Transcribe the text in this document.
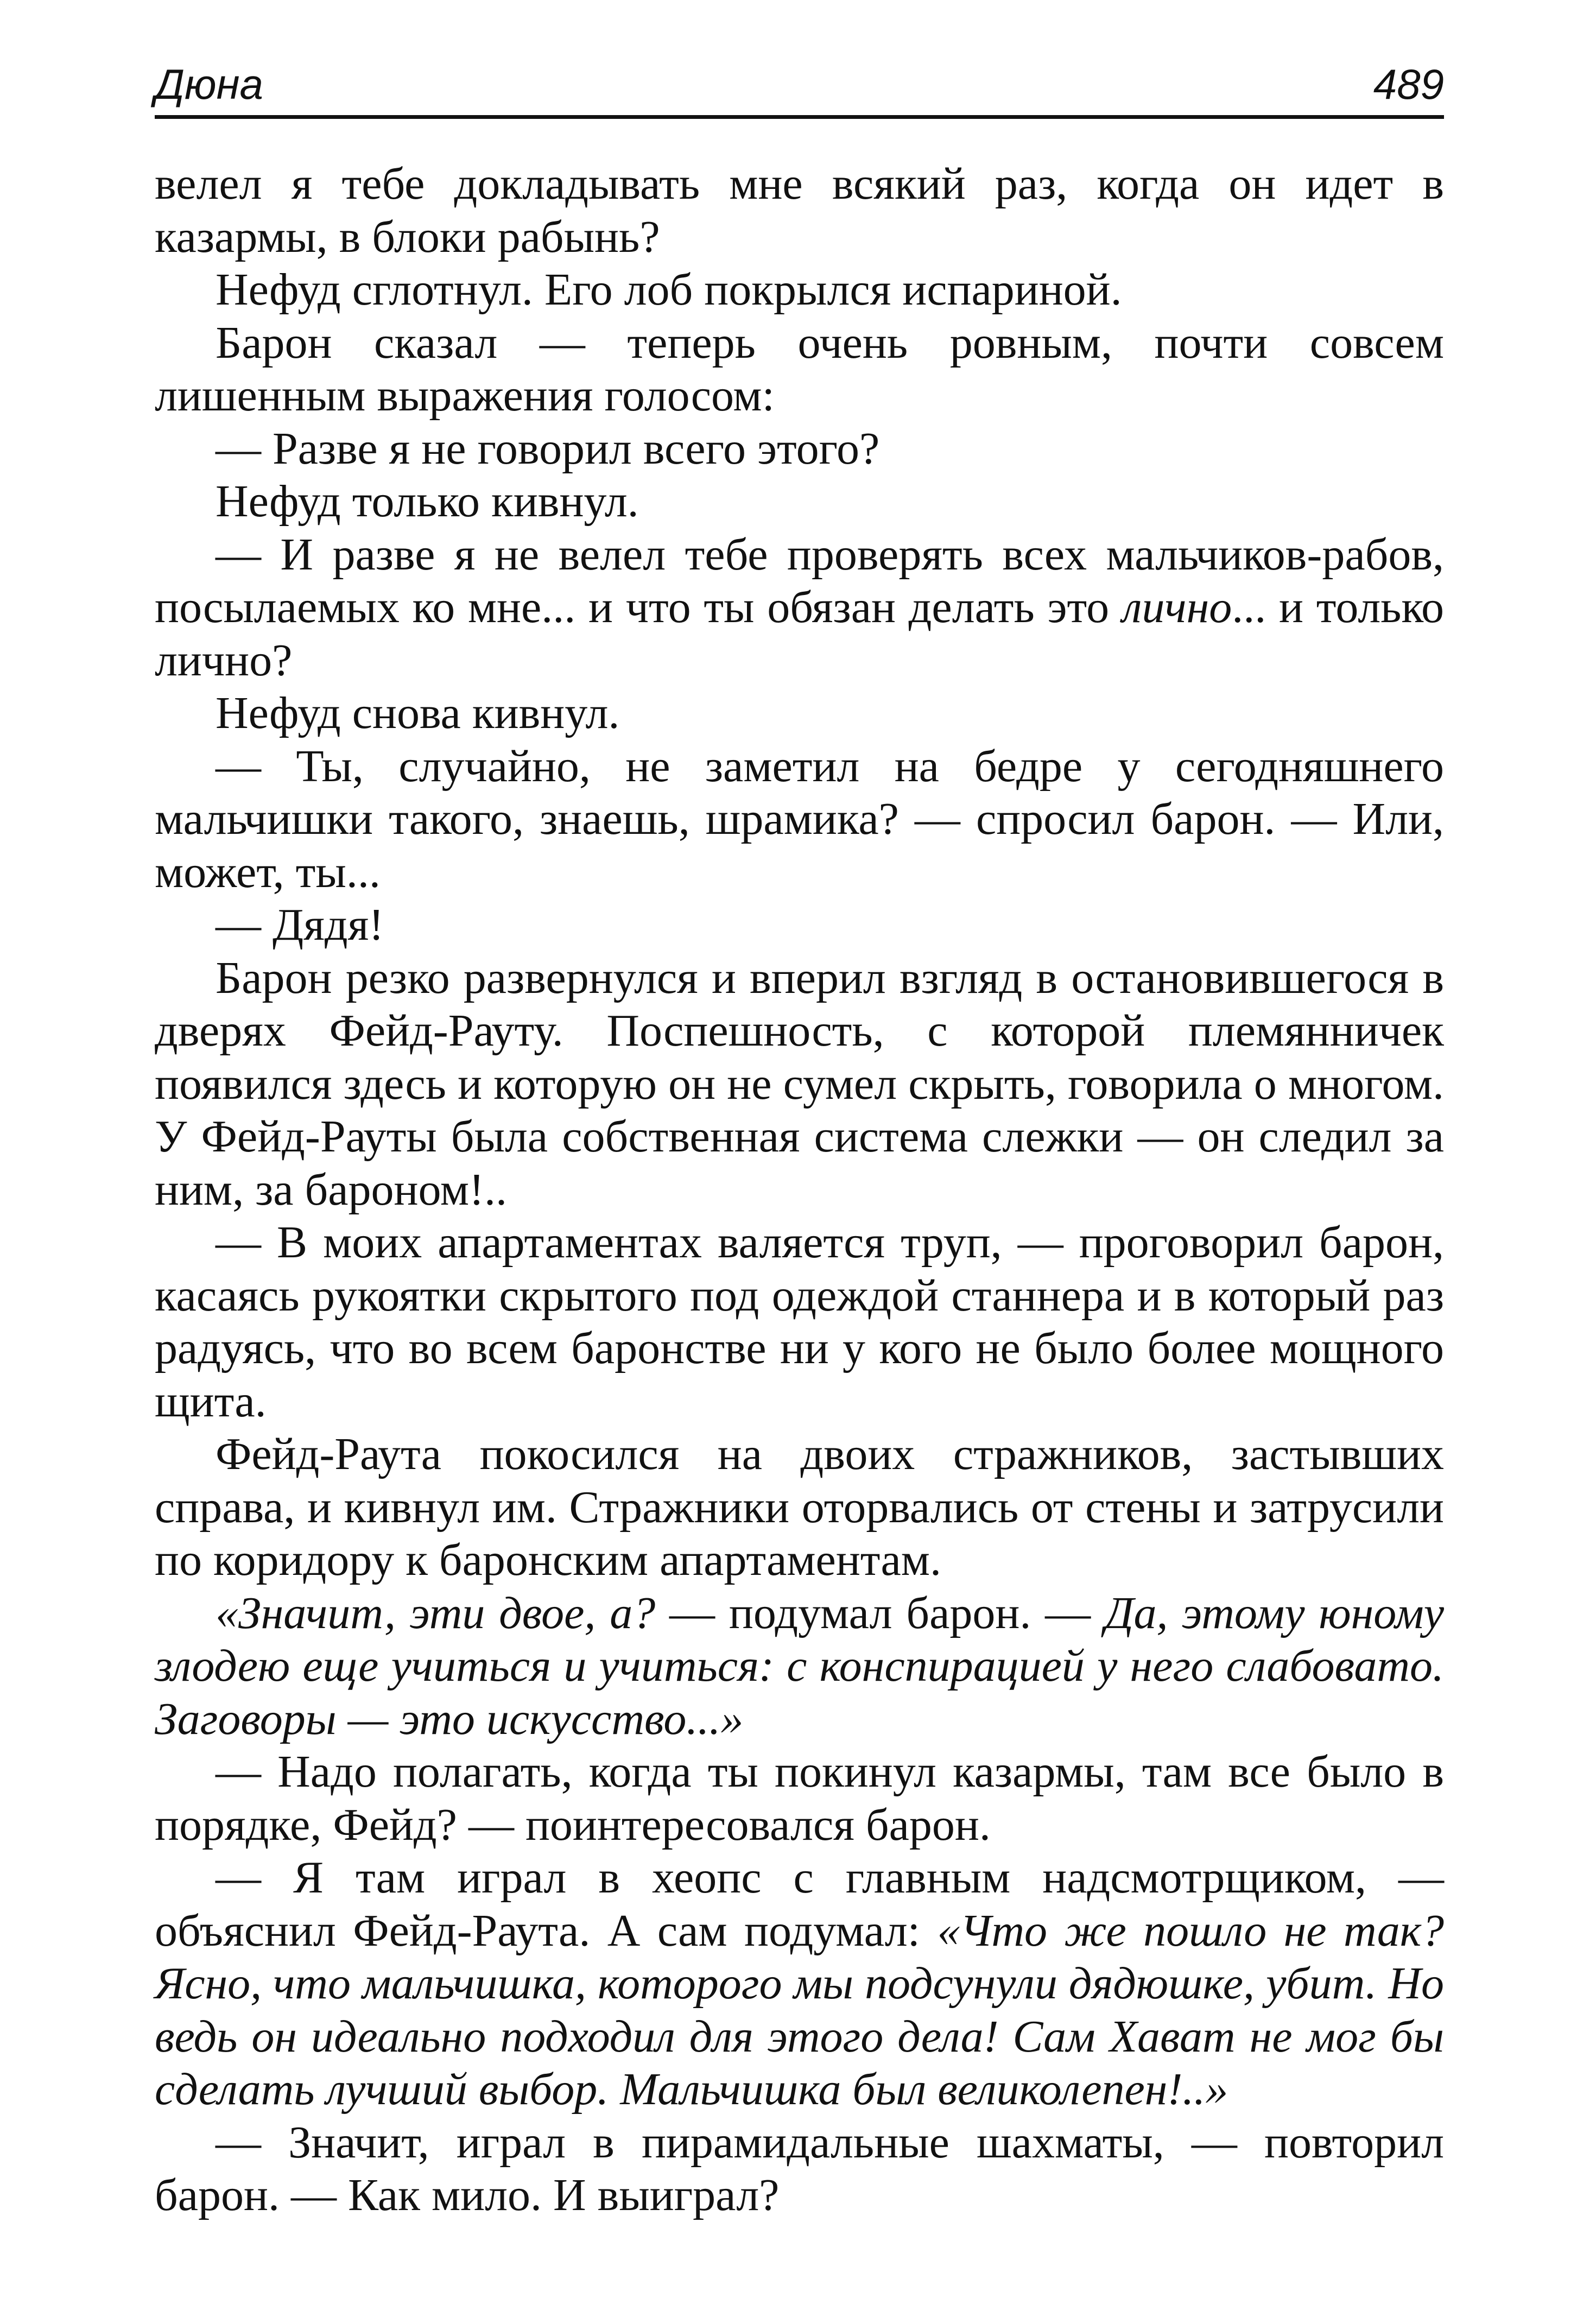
Дюна	489

велел я тебе докладывать мне всякий раз, когда он идет в казармы, в блоки рабынь?

Нефуд сглотнул. Его лоб покрылся испариной.

Барон сказал — теперь очень ровным, почти совсем лишенным выражения голосом:

— Разве я не говорил всего этого?

Нефуд только кивнул.

— И разве я не велел тебе проверять всех мальчиков-рабов, посылаемых ко мне... и что ты обязан делать это лично... и только лично?

Нефуд снова кивнул.

— Ты, случайно, не заметил на бедре у сегодняшнего мальчишки такого, знаешь, шрамика? — спросил барон. — Или, может, ты...

— Дядя!

Барон резко развернулся и вперил взгляд в остановившегося в дверях Фейд-Рауту. Поспешность, с которой племянничек появился здесь и которую он не сумел скрыть, говорила о многом. У Фейд-Рауты была собственная система слежки — он следил за ним, за бароном!..

— В моих апартаментах валяется труп, — проговорил барон, касаясь рукоятки скрытого под одеждой станнера и в который раз радуясь, что во всем баронстве ни у кого не было более мощного щита.

Фейд-Раута покосился на двоих стражников, застывших справа, и кивнул им. Стражники оторвались от стены и затрусили по коридору к баронским апартаментам.

«Значит, эти двое, а? — подумал барон. — Да, этому юному злодею еще учиться и учиться: с конспирацией у него слабовато. Заговоры — это искусство...»

— Надо полагать, когда ты покинул казармы, там все было в порядке, Фейд? — поинтересовался барон.

— Я там играл в хеопс с главным надсмотрщиком, — объяснил Фейд-Раута. А сам подумал: «Что же пошло не так? Ясно, что мальчишка, которого мы подсунули дядюшке, убит. Но ведь он идеально подходил для этого дела! Сам Хават не мог бы сделать лучший выбор. Мальчишка был великолепен!..»

— Значит, играл в пирамидальные шахматы, — повторил барон. — Как мило. И выиграл?
